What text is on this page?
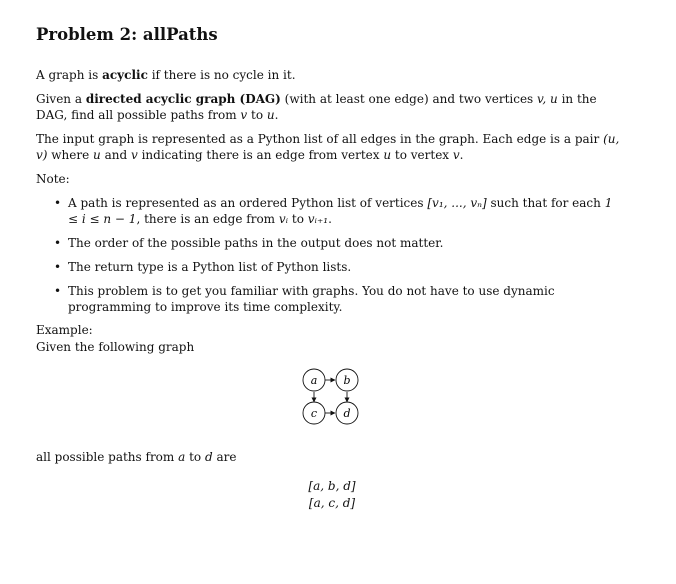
Problem 2: allPaths

A graph is acyclic if there is no cycle in it.

Given a directed acyclic graph (DAG) (with at least one edge) and two vertices v, u in the DAG, find all possible paths from v to u.

The input graph is represented as a Python list of all edges in the graph. Each edge is a pair (u, v) where u and v indicating there is an edge from vertex u to vertex v.

Note:

• A path is represented as an ordered Python list of vertices [v₁, ..., vₙ] such that for each 1 ≤ i ≤ n − 1, there is an edge from vᵢ to vᵢ₊₁.
• The order of the possible paths in the output does not matter.
• The return type is a Python list of Python lists.
• This problem is to get you familiar with graphs. You do not have to use dynamic programming to improve its time complexity.

Example:

Given the following graph

a b
c d

all possible paths from a to d are

[a, b, d]
[a, c, d]
